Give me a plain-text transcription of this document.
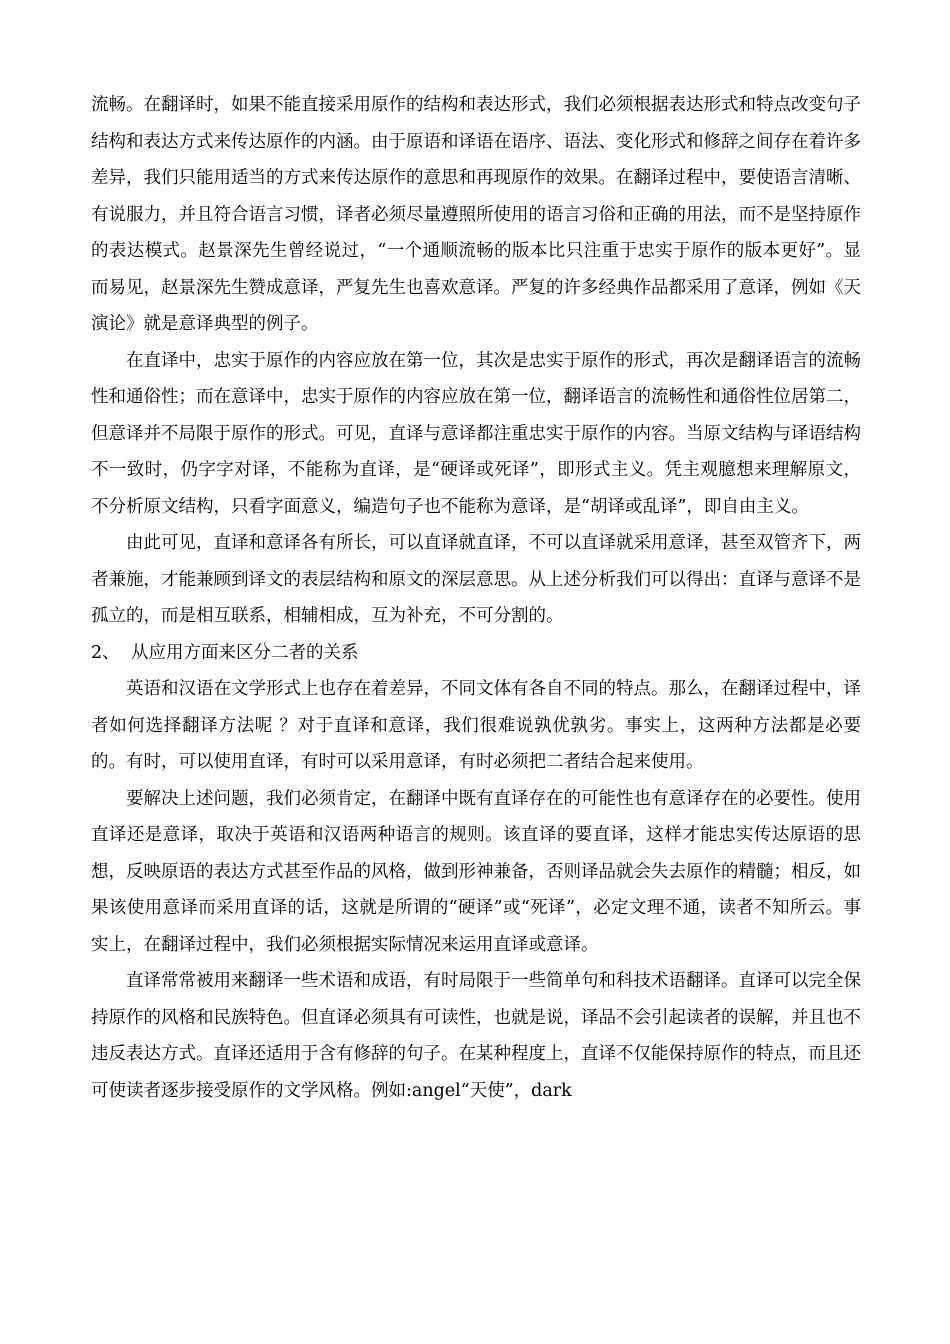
流畅。在翻译时，如果不能直接采用原作的结构和表达形式，我们必须根据表达形式和特点改变句子结构和表达方式来传达原作的内涵。由于原语和译语在语序、语法、变化形式和修辞之间存在着许多差异，我们只能用适当的方式来传达原作的意思和再现原作的效果。在翻译过程中，要使语言清晰、有说服力，并且符合语言习惯，译者必须尽量遵照所使用的语言习俗和正确的用法，而不是坚持原作的表达模式。赵景深先生曾经说过，“一个通顺流畅的版本比只注重于忠实于原作的版本更好”。显而易见，赵景深先生赞成意译，严复先生也喜欢意译。严复的许多经典作品都采用了意译，例如《天演论》就是意译典型的例子。

在直译中，忠实于原作的内容应放在第一位，其次是忠实于原作的形式，再次是翻译语言的流畅性和通俗性；而在意译中，忠实于原作的内容应放在第一位，翻译语言的流畅性和通俗性位居第二，但意译并不局限于原作的形式。可见，直译与意译都注重忠实于原作的内容。当原文结构与译语结构不一致时，仍字字对译，不能称为直译，是“硬译或死译”，即形式主义。凭主观臆想来理解原文，不分析原文结构，只看字面意义，编造句子也不能称为意译，是“胡译或乱译”，即自由主义。

由此可见，直译和意译各有所长，可以直译就直译，不可以直译就采用意译，甚至双管齐下，两者兼施，才能兼顾到译文的表层结构和原文的深层意思。从上述分析我们可以得出：直译与意译不是孤立的，而是相互联系，相辅相成，互为补充，不可分割的。

2、 从应用方面来区分二者的关系

英语和汉语在文学形式上也存在着差异，不同文体有各自不同的特点。那么，在翻译过程中，译者如何选择翻译方法呢 ？对于直译和意译，我们很难说孰优孰劣。事实上，这两种方法都是必要的。有时，可以使用直译，有时可以采用意译，有时必须把二者结合起来使用。

要解决上述问题，我们必须肯定，在翻译中既有直译存在的可能性也有意译存在的必要性。使用直译还是意译，取决于英语和汉语两种语言的规则。该直译的要直译，这样才能忠实传达原语的思想，反映原语的表达方式甚至作品的风格，做到形神兼备，否则译品就会失去原作的精髓；相反，如果该使用意译而采用直译的话，这就是所谓的“硬译”或“死译”，必定文理不通，读者不知所云。事实上，在翻译过程中，我们必须根据实际情况来运用直译或意译。

直译常常被用来翻译一些术语和成语，有时局限于一些简单句和科技术语翻译。直译可以完全保持原作的风格和民族特色。但直译必须具有可读性，也就是说，译品不会引起读者的误解，并且也不违反表达方式。直译还适用于含有修辞的句子。在某种程度上，直译不仅能保持原作的特点，而且还可使读者逐步接受原作的文学风格。例如:angel“天使”，dark
